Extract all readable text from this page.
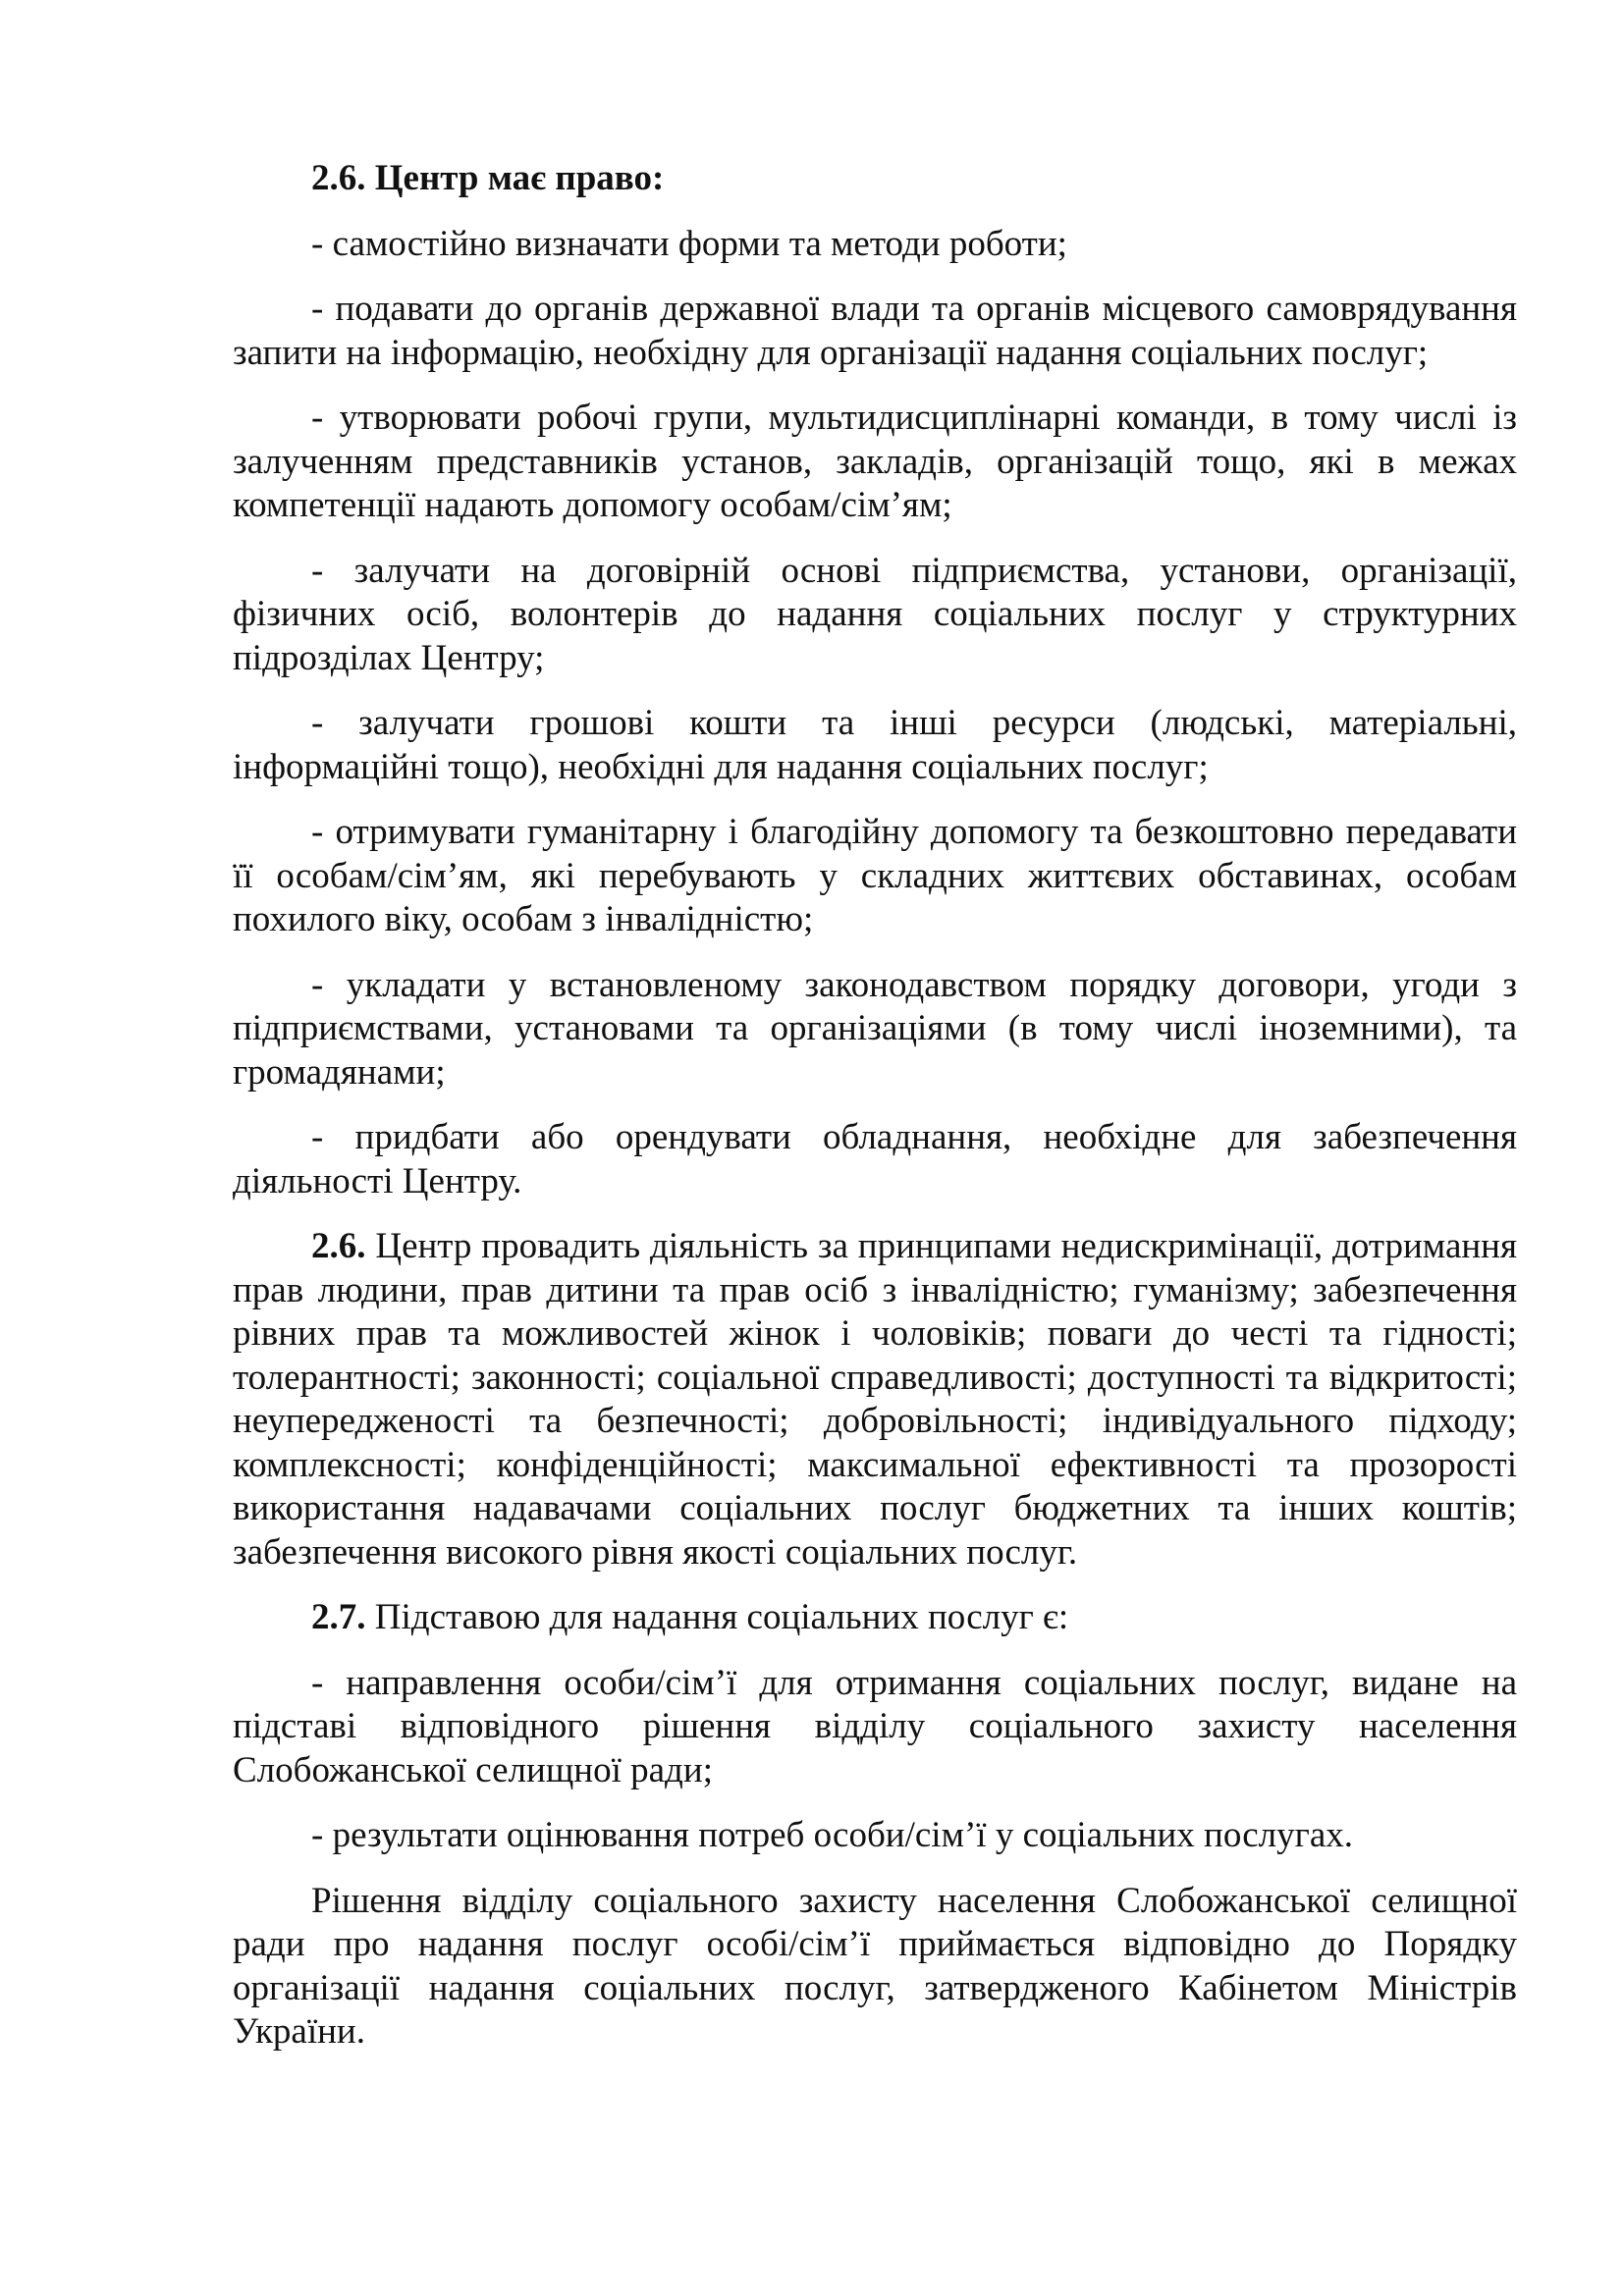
2.6. Центр має право:

- самостійно визначати форми та методи роботи;

- подавати до органів державної влади та органів місцевого самоврядування запити на інформацію, необхідну для організації надання соціальних послуг;

- утворювати робочі групи, мультидисциплінарні команди, в тому числі із залученням представників установ, закладів, організацій тощо, які в межах компетенції надають допомогу особам/сім’ям;

- залучати на договірній основі підприємства, установи, організації, фізичних осіб, волонтерів до надання соціальних послуг у структурних підрозділах Центру;

- залучати грошові кошти та інші ресурси (людські, матеріальні, інформаційні тощо), необхідні для надання соціальних послуг;

- отримувати гуманітарну і благодійну допомогу та безкоштовно передавати її особам/сім’ям, які перебувають у складних життєвих обставинах, особам похилого віку, особам з інвалідністю;

- укладати у встановленому законодавством порядку договори, угоди з підприємствами, установами та організаціями (в тому числі іноземними), та громадянами;

- придбати або орендувати обладнання, необхідне для забезпечення діяльності Центру.

2.6. Центр провадить діяльність за принципами недискримінації, дотримання прав людини, прав дитини та прав осіб з інвалідністю; гуманізму; забезпечення рівних прав та можливостей жінок і чоловіків; поваги до честі та гідності; толерантності; законності; соціальної справедливості; доступності та відкритості; неупередженості та безпечності; добровільності; індивідуального підходу; комплексності; конфіденційності; максимальної ефективності та прозорості використання надавачами соціальних послуг бюджетних та інших коштів; забезпечення високого рівня якості соціальних послуг.

2.7. Підставою для надання соціальних послуг є:

- направлення особи/сім’ї для отримання соціальних послуг, видане на підставі відповідного рішення відділу соціального захисту населення Слобожанської селищної ради;

- результати оцінювання потреб особи/сім’ї у соціальних послугах.

Рішення відділу соціального захисту населення Слобожанської селищної ради про надання послуг особі/сім’ї приймається відповідно до Порядку організації надання соціальних послуг, затвердженого Кабінетом Міністрів України.
